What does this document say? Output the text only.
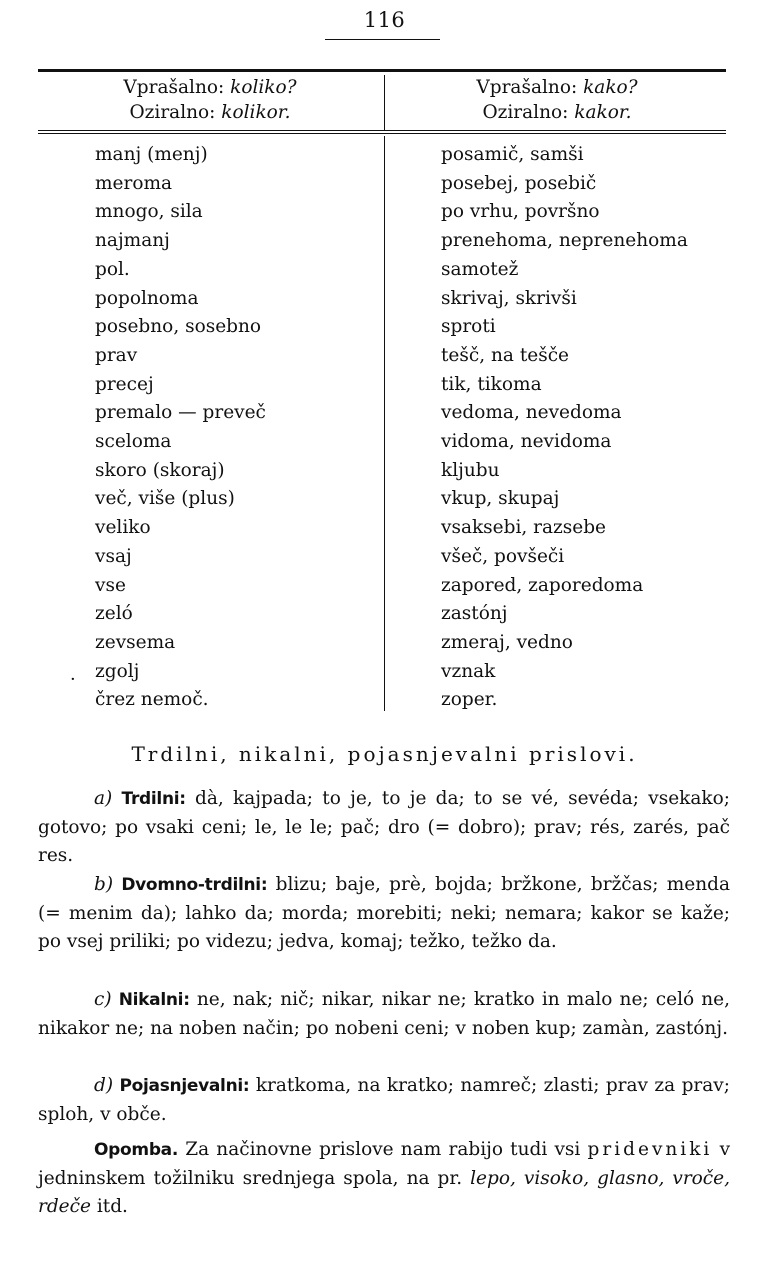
116
Vprašalno: koliko?
Oziralno: kolikor.
Vprašalno: kako?
Oziralno: kakor.
manj (menj)
meroma
mnogo, sila
najmanj
pol.
popolnoma
posebno, sosebno
prav
precej
premalo — preveč
sceloma
skoro (skoraj)
več, više (plus)
veliko
vsaj
vse
zeló
zevsema
zgolj
črez nemoč.
posamič, samši
posebej, posebič
po vrhu, površno
prenehoma, neprenehoma
samotež
skrivaj, skrivši
sproti
tešč, na tešče
tik, tikoma
vedoma, nevedoma
vidoma, nevidoma
kljubu
vkup, skupaj
vsaksebi, razsebe
všeč, povšeči
zapored, zaporedoma
zastónj
zmeraj, vedno
vznak
zoper.
·
Trdilni, nikalni, pojasnjevalni prislovi.

a) Trdilni: dà, kajpada; to je, to je da; to se vé, sevéda; vsekako; gotovo; po vsaki ceni; le, le le; pač; dro (= dobro); prav; rés, zarés, pač res.

b) Dvomno-trdilni: blizu; baje, prè, bojda; bržkone, bržčas; menda (= menim da); lahko da; morda; morebiti; neki; nemara; kakor se kaže; po vsej priliki; po videzu; jedva, komaj; težko, težko da.

c) Nikalni: ne, nak; nič; nikar, nikar ne; kratko in malo ne; celó ne, nikakor ne; na noben način; po nobeni ceni; v noben kup; zamàn, zastónj.

d) Pojasnjevalni: kratkoma, na kratko; namreč; zlasti; prav za prav; sploh, v obče.

Opomba. Za načinovne prislove nam rabijo tudi vsi pridevniki v jedninskem tožilniku srednjega spola, na pr. lepo, visoko, glasno, vroče, rdeče itd.
